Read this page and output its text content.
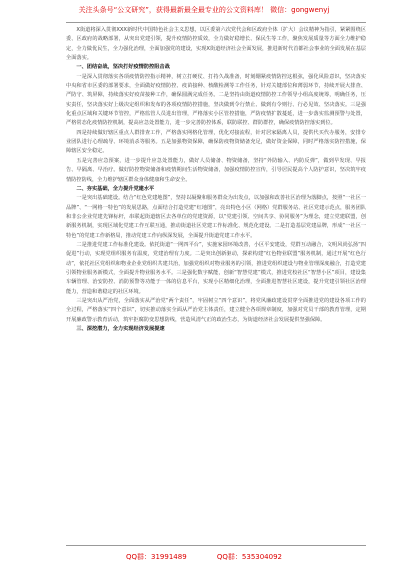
关注头条号“公文研究”，获得最新最全最专业的公文资料库！ 微信：gongwenyj

X街道将深入贯彻XXX新时代中国特色社会主义思想，以区委第六次党代会和区政府全体（扩大）会议精神为指引，紧紧围绕区委、区政府的战略部署，从突出党建引领，提升疫情防控质效，全力做好稳增长、保民生等工作，聚焦发展质量等方面全力维护稳定，全力做优民生，全力强化治理，全面加强党的建设，实现X街道经济社会全面发展，推进新时代首都社会事业的全面发展在基层全面落实。

一、团结奋战，坚决打好疫情防控阻击战

一是深入贯彻落实各项疫情防控指示精神，树立打硬仗、打持久战准备，时刻绷紧疫情防控这根弦，强化风险意识，坚决落实中央和省市区委的部署要求，全面做好疫情防控、疫苗接种、核酸检测等工作任务，针对关键部位和薄弱环节，持续开展大排查、严防守、筑屏障，持续落实好疫苗接种工作，确保圆满完成任务。二是坚持由街道疫情防控工作领导小组高度统筹，明确任务，压实责任，坚决落实好上级决定组织和发布的各项疫情防控措施，坚决做到令行禁止、做到有令则行、行必见效、坚决落实。三是强化重点区域和关键环节管控，严格监管人员进出管理，严格落实小区管控措施，严防疫情扩散蔓延，进一步落实监测预警与处置，严格常态化疫情防控机制，提高应急处置能力，进一步完善防控体系，联防联控、群防群控，确保疫情防控落实到位。

四是持续做好辖区重点人群排查工作，严格落实网格化管理，优化对接流程，针对居家隔离人员，提供代买代办服务，安排专业团队进行心理疏导、环境消杀等服务。五是加强物资保障，确保防疫物资储备充足，做好资金保障，同时严格落实防控措施，保障辖区安全稳定。

五是完善应急预案，进一步提升应急处置能力，做好人员储备、物资储备，坚持“外防输入、内防反弹”，做到早发现、早报告、早隔离、早治疗。做好防控物资储备和疫情期间生活物资储备，加强疫情防控宣传，引导居民提高个人防护意识，坚决筑牢疫情防控防线，全力维护辖区群众身体健康和生命安全。

二、夯实基础，全力提升党建水平

一是突出基础建设。结合“红色党建地图”，坚持以凝聚和服务群众为出发点，以加强和改善社区治理为落脚点，按照“一社区一品牌”、“一网格一特色”的发展思路，点面结合打造党建“红地图”，亮出特色小区（网格）党群服务站、社区党建示范点，服务团队和非公企业党建先锋标杆，串联起街道辖区去各单位的党建资源，以“党建引领、空间共享、协同服务”为理念，建立党建联盟，创新服务机制，实现区域化党建工作互联互通，推动街道社区党建工作标准化、规范化建设。二是打造基层党建品牌，形成“一社区一特色”的党建工作新格局，推动党建工作向纵深发展，全面提升街道党建工作水平。

二是推进党建工作标准化建设。依托街道“一网四平台”，实施家园环境改善，小区平安建设，党群互动融合，文明风尚弘扬“四促进”行动，实现党组织服务有温度，党建治理有力度。二是突出创新驱动，探索构建“红色物业联盟”服务机制，通过开展“红色行动”，依托社区党组织和物业企业党组织共建共治，加强党组织对物业服务的引领，推进党组织建设与物业管理深度融合，打造党建引领物业服务新模式，全面提升物业服务水平。三是强化数字赋能，创新“智慧党建”模式，推进党校社区“智慧小区”项目，建设集车辆管理、治安防控、消防预警等功能于一体的信息平台，实现小区精细化治理，全面推进智慧社区建设，提升党建引领社区治理能力，营造和谐稳定的社区环境。

三是突出从严治党，全面落实从严治党“两个责任”，牢固树立“四个意识”，将党风廉政建设贯穿全面推进党的建设各项工作的全过程，严格落实“四个意识”，切实推动落实全面从严治党主体责任，建立健全各项规章制度，加强对党员干部的教育管理，定期开展廉政警示教育活动，筑牢拒腐防变思想防线，营造风清气正的政治生态，为街道经济社会发展提供坚强保障。

三、深挖潜力，全力实现经济发展提速

QQ群：31991489	QQ群：535304092
